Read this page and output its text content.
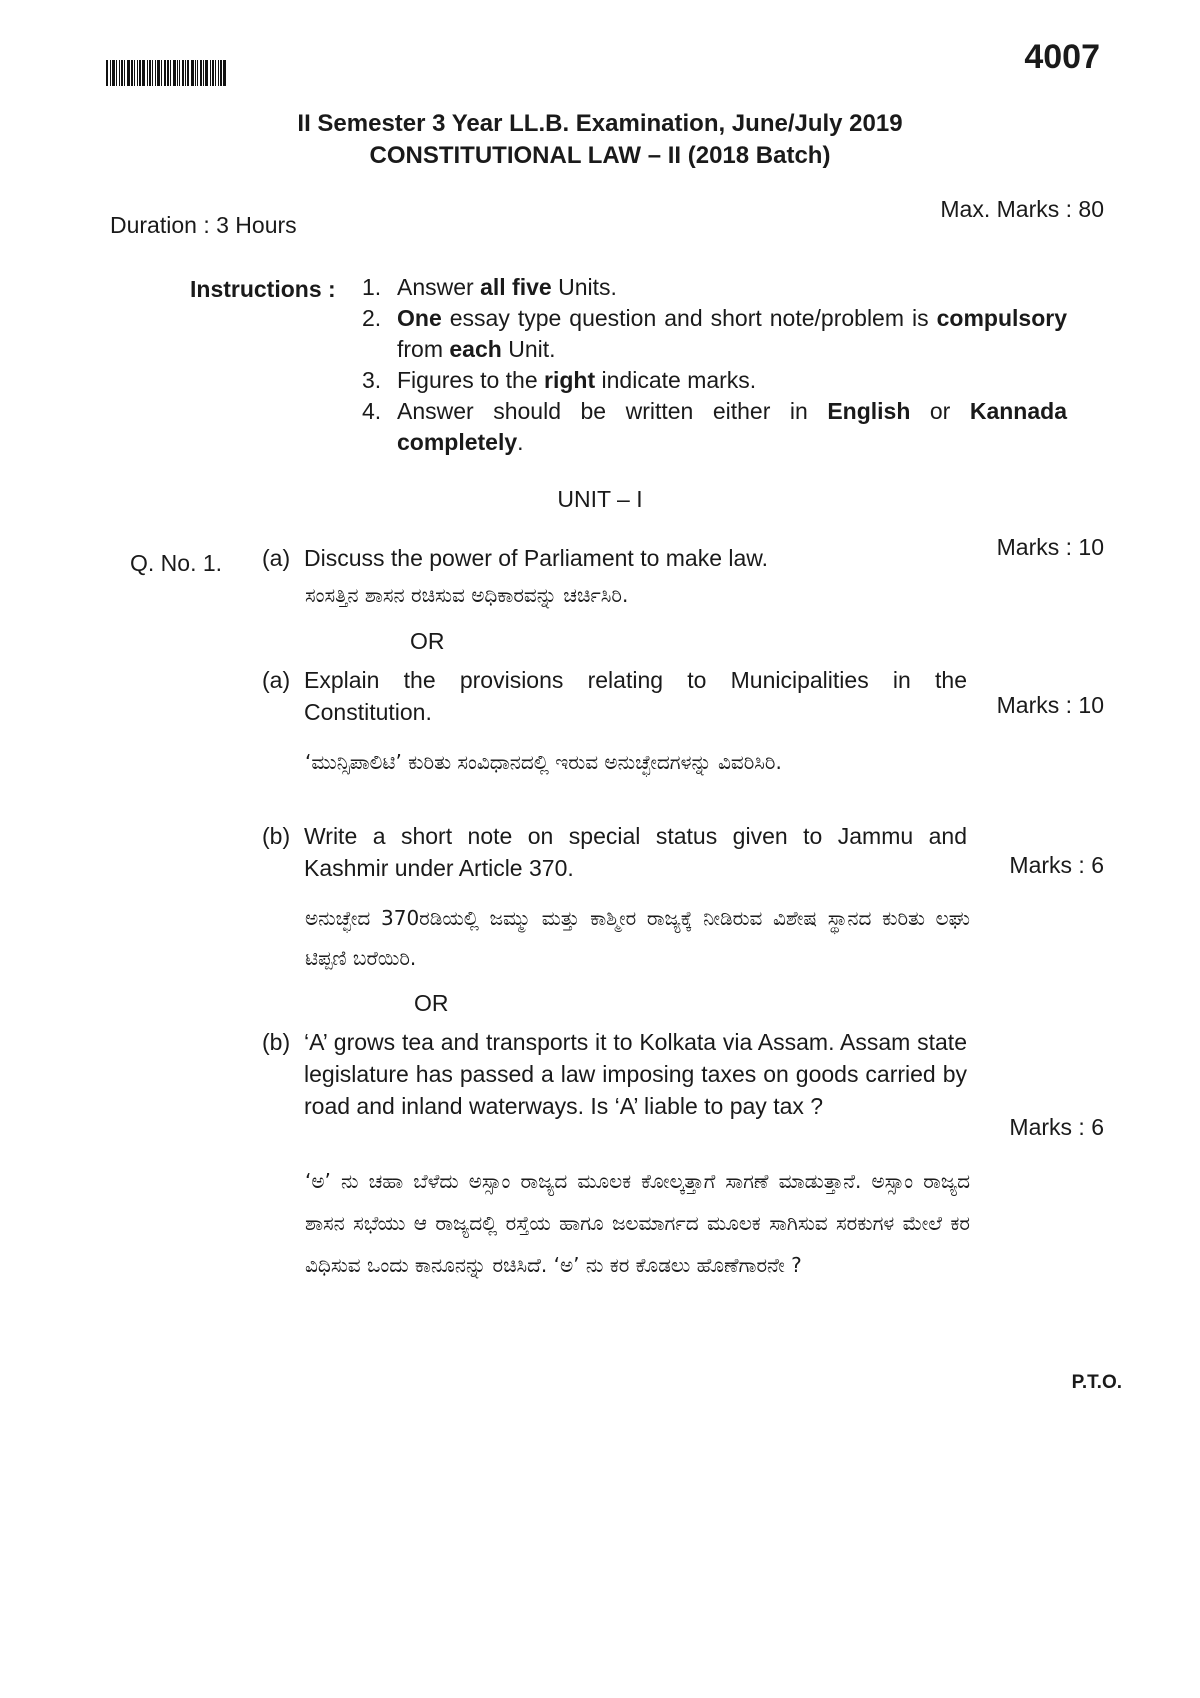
4007
II Semester 3 Year LL.B. Examination, June/July 2019
CONSTITUTIONAL LAW – II (2018 Batch)
Duration : 3 Hours
Max. Marks : 80
Instructions : 1. Answer all five Units.
2. One essay type question and short note/problem is compulsory from each Unit.
3. Figures to the right indicate marks.
4. Answer should be written either in English or Kannada completely.
UNIT – I
Q. No. 1. (a) Discuss the power of Parliament to make law.	Marks : 10
ಸಂಸತ್ತಿನ ಶಾಸನ ರಚಿಸುವ ಅಧಿಕಾರವನ್ನು ಚರ್ಚಿಸಿರಿ.
OR
(a) Explain the provisions relating to Municipalities in the Constitution.	Marks : 10
‘ಮುನ್ಸಿಪಾಲಿಟಿ’ ಕುರಿತು ಸಂವಿಧಾನದಲ್ಲಿ ಇರುವ ಅನುಚ್ಛೇದಗಳನ್ನು ವಿವರಿಸಿರಿ.
(b) Write a short note on special status given to Jammu and Kashmir under Article 370.	Marks : 6
ಅನುಚ್ಛೇದ 370ರಡಿಯಲ್ಲಿ ಜಮ್ಮು ಮತ್ತು ಕಾಶ್ಮೀರ ರಾಜ್ಯಕ್ಕೆ ನೀಡಿರುವ ವಿಶೇಷ ಸ್ಥಾನದ ಕುರಿತು ಲಘು ಟಿಪ್ಪಣಿ ಬರೆಯಿರಿ.
OR
(b) ‘A’ grows tea and transports it to Kolkata via Assam. Assam state legislature has passed a law imposing taxes on goods carried by road and inland waterways. Is ‘A’ liable to pay tax ?
Marks : 6
‘ಅ’ ನು ಚಹಾ ಬೆಳೆದು ಅಸ್ಸಾಂ ರಾಜ್ಯದ ಮೂಲಕ ಕೋಲ್ಕತ್ತಾಗೆ ಸಾಗಣೆ ಮಾಡುತ್ತಾನೆ. ಅಸ್ಸಾಂ ರಾಜ್ಯದ ಶಾಸನ ಸಭೆಯು ಆ ರಾಜ್ಯದಲ್ಲಿ ರಸ್ತೆಯ ಹಾಗೂ ಜಲಮಾರ್ಗದ ಮೂಲಕ ಸಾಗಿಸುವ ಸರಕುಗಳ ಮೇಲೆ ಕರ ವಿಧಿಸುವ ಒಂದು ಕಾನೂನನ್ನು ರಚಿಸಿದೆ. ‘ಅ’ ನು ಕರ ಕೊಡಲು ಹೊಣೆಗಾರನೇ ?
P.T.O.
